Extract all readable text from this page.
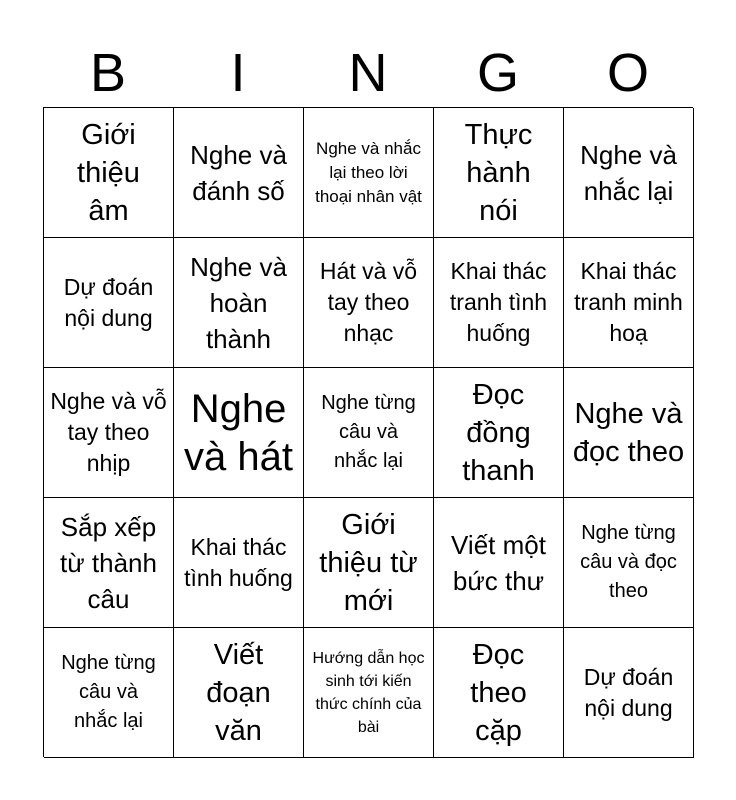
B	I	N	G	O
Giới thiệu âm
Nghe và đánh số
Nghe và nhắc lại theo lời thoại nhân vật
Thực hành nói
Nghe và nhắc lại
Dự đoán nội dung
Nghe và hoàn thành
Hát và vỗ tay theo nhạc
Khai thác tranh tình huống
Khai thác tranh minh hoạ
Nghe và vỗ tay theo nhịp
Nghe và hát
Nghe từng câu và nhắc lại
Đọc đồng thanh
Nghe và đọc theo
Sắp xếp từ thành câu
Khai thác tình huống
Giới thiệu từ mới
Viết một bức thư
Nghe từng câu và đọc theo
Nghe từng câu và nhắc lại
Viết đoạn văn
Hướng dẫn học sinh tới kiến thức chính của bài
Đọc theo cặp
Dự đoán nội dung
